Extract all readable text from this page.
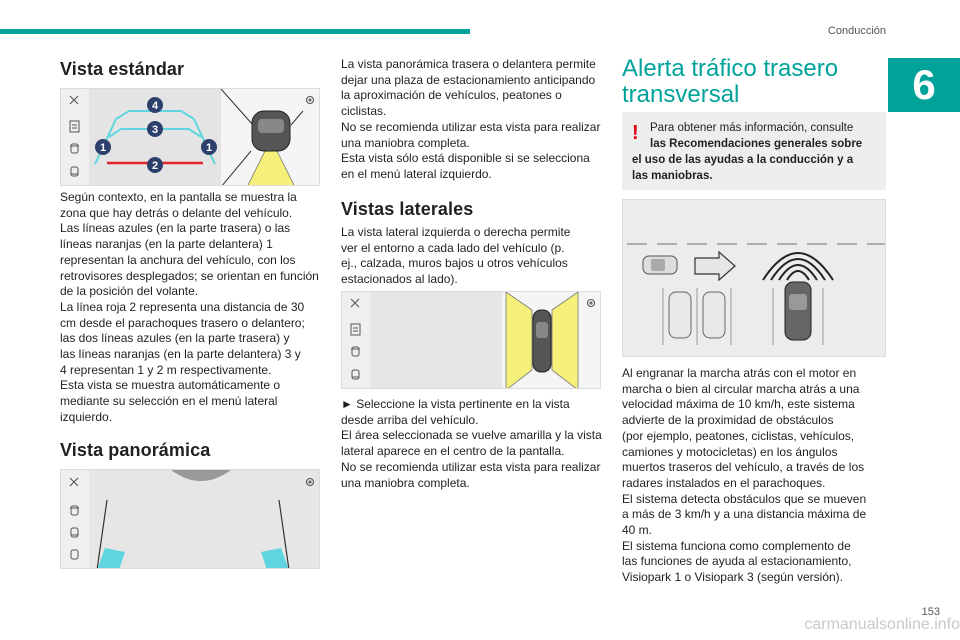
Conducción
6
Vista estándar
4
3
1	1
2

Según contexto, en la pantalla se muestra la

zona que hay detrás o delante del vehículo.

Las líneas azules (en la parte trasera) o las

líneas naranjas (en la parte delantera) 1

representan la anchura del vehículo, con los

retrovisores desplegados; se orientan en función

de la posición del volante.

La línea roja 2 representa una distancia de 30

cm desde el parachoques trasero o delantero;

las dos líneas azules (en la parte trasera) y

las líneas naranjas (en la parte delantera) 3 y

4 representan 1 y 2 m respectivamente.

Esta vista se muestra automáticamente o

mediante su selección en el menú lateral

izquierdo.

Vista panorámica

La vista panorámica trasera o delantera permite

dejar una plaza de estacionamiento anticipando

la aproximación de vehículos, peatones o

ciclistas.

No se recomienda utilizar esta vista para realizar

una maniobra completa.

Esta vista sólo está disponible si se selecciona

en el menú lateral izquierdo.

Vistas laterales

La vista lateral izquierda o derecha permite

ver el entorno a cada lado del vehículo (p.

ej., calzada, muros bajos u otros vehículos

estacionados al lado).

► Seleccione la vista pertinente en la vista

desde arriba del vehículo.

El área seleccionada se vuelve amarilla y la vista

lateral aparece en el centro de la pantalla.

No se recomienda utilizar esta vista para realizar

una maniobra completa.

Alerta tráfico trasero
transversal
! Para obtener más información, consulte

las Recomendaciones generales sobre

el uso de las ayudas a la conducción y a

las maniobras.

Al engranar la marcha atrás con el motor en

marcha o bien al circular marcha atrás a una

velocidad máxima de 10 km/h, este sistema

advierte de la proximidad de obstáculos

(por ejemplo, peatones, ciclistas, vehículos,

camiones y motocicletas) en los ángulos

muertos traseros del vehículo, a través de los

radares instalados en el parachoques.

El sistema detecta obstáculos que se mueven

a más de 3 km/h y a una distancia máxima de

40 m.

El sistema funciona como complemento de

las funciones de ayuda al estacionamiento,

Visiopark 1 o Visiopark 3 (según versión).

153
carmanualsonline.info
